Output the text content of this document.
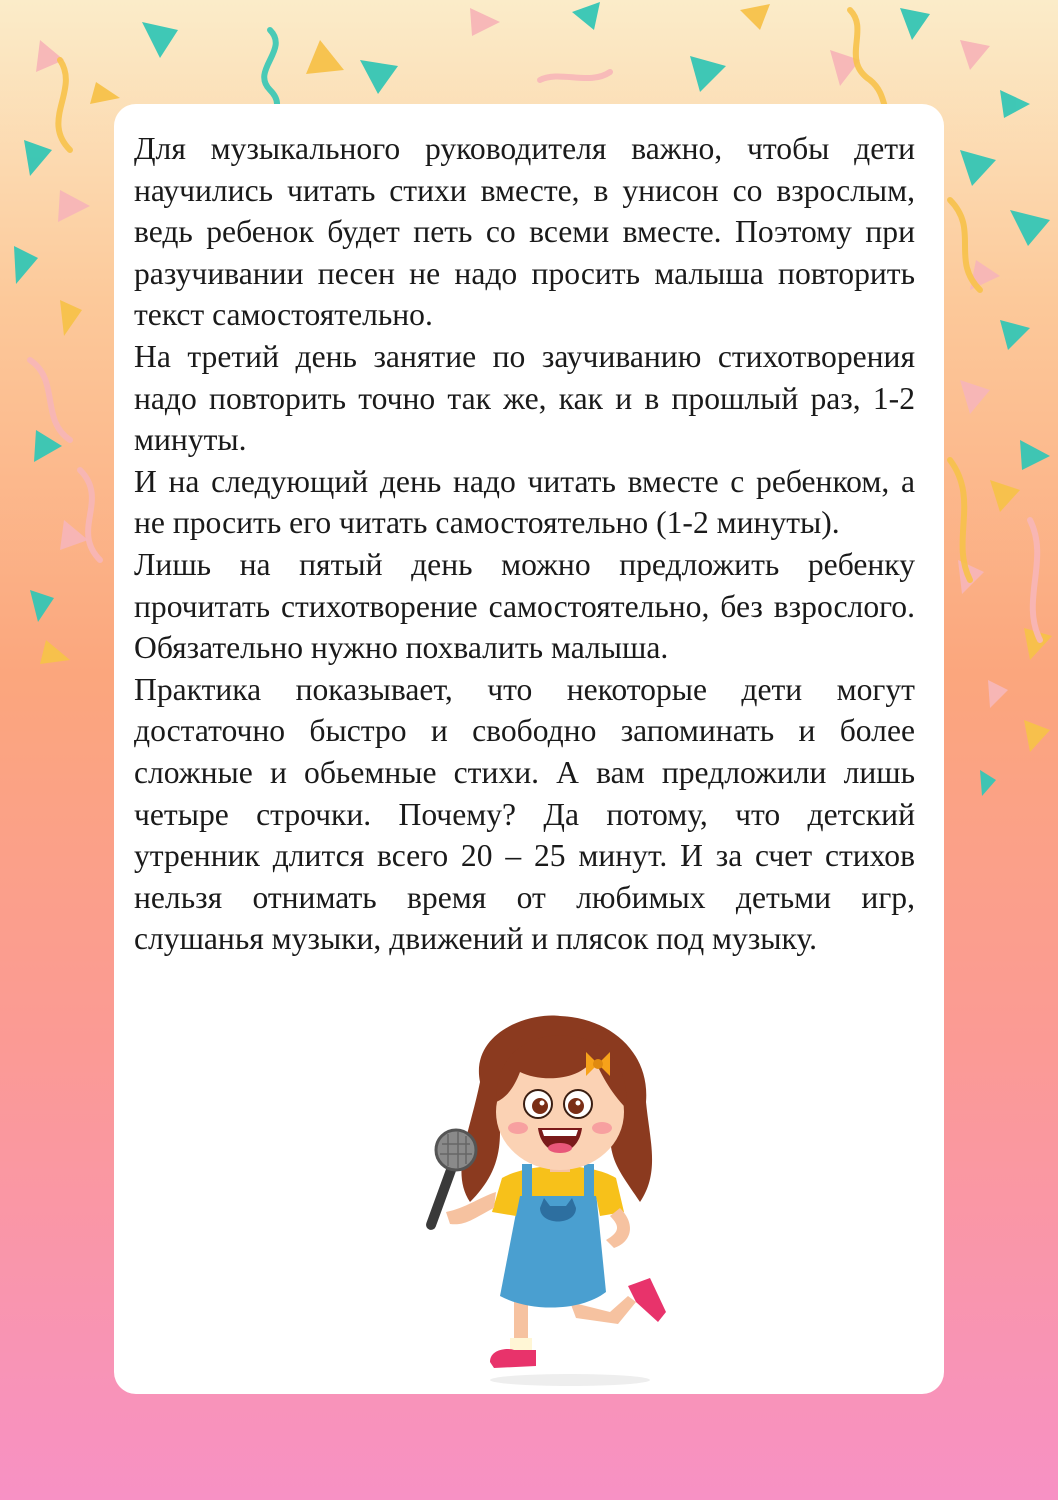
Для музыкального руководителя важно, чтобы дети научились читать стихи вместе, в унисон со взрослым, ведь ребенок будет петь со всеми вместе. Поэтому при разучивании песен не надо просить малыша повторить текст самостоятельно.

На третий день занятие по заучиванию стихотворения надо повторить точно так же, как и в прошлый раз, 1-2 минуты.

И на следующий день надо читать вместе с ребенком, а не просить его читать самостоятельно (1-2 минуты).

Лишь на пятый день можно предложить ребенку прочитать стихотворение самостоятельно, без взрослого. Обязательно нужно похвалить малыша.

Практика показывает, что некоторые дети могут достаточно быстро и свободно запоминать и более сложные и обьемные стихи. А вам предложили лишь четыре строчки. Почему? Да потому, что детский утренник длится всего 20 – 25 минут. И за счет стихов нельзя отнимать время от любимых детьми игр, слушанья музыки, движений и плясок под музыку.
